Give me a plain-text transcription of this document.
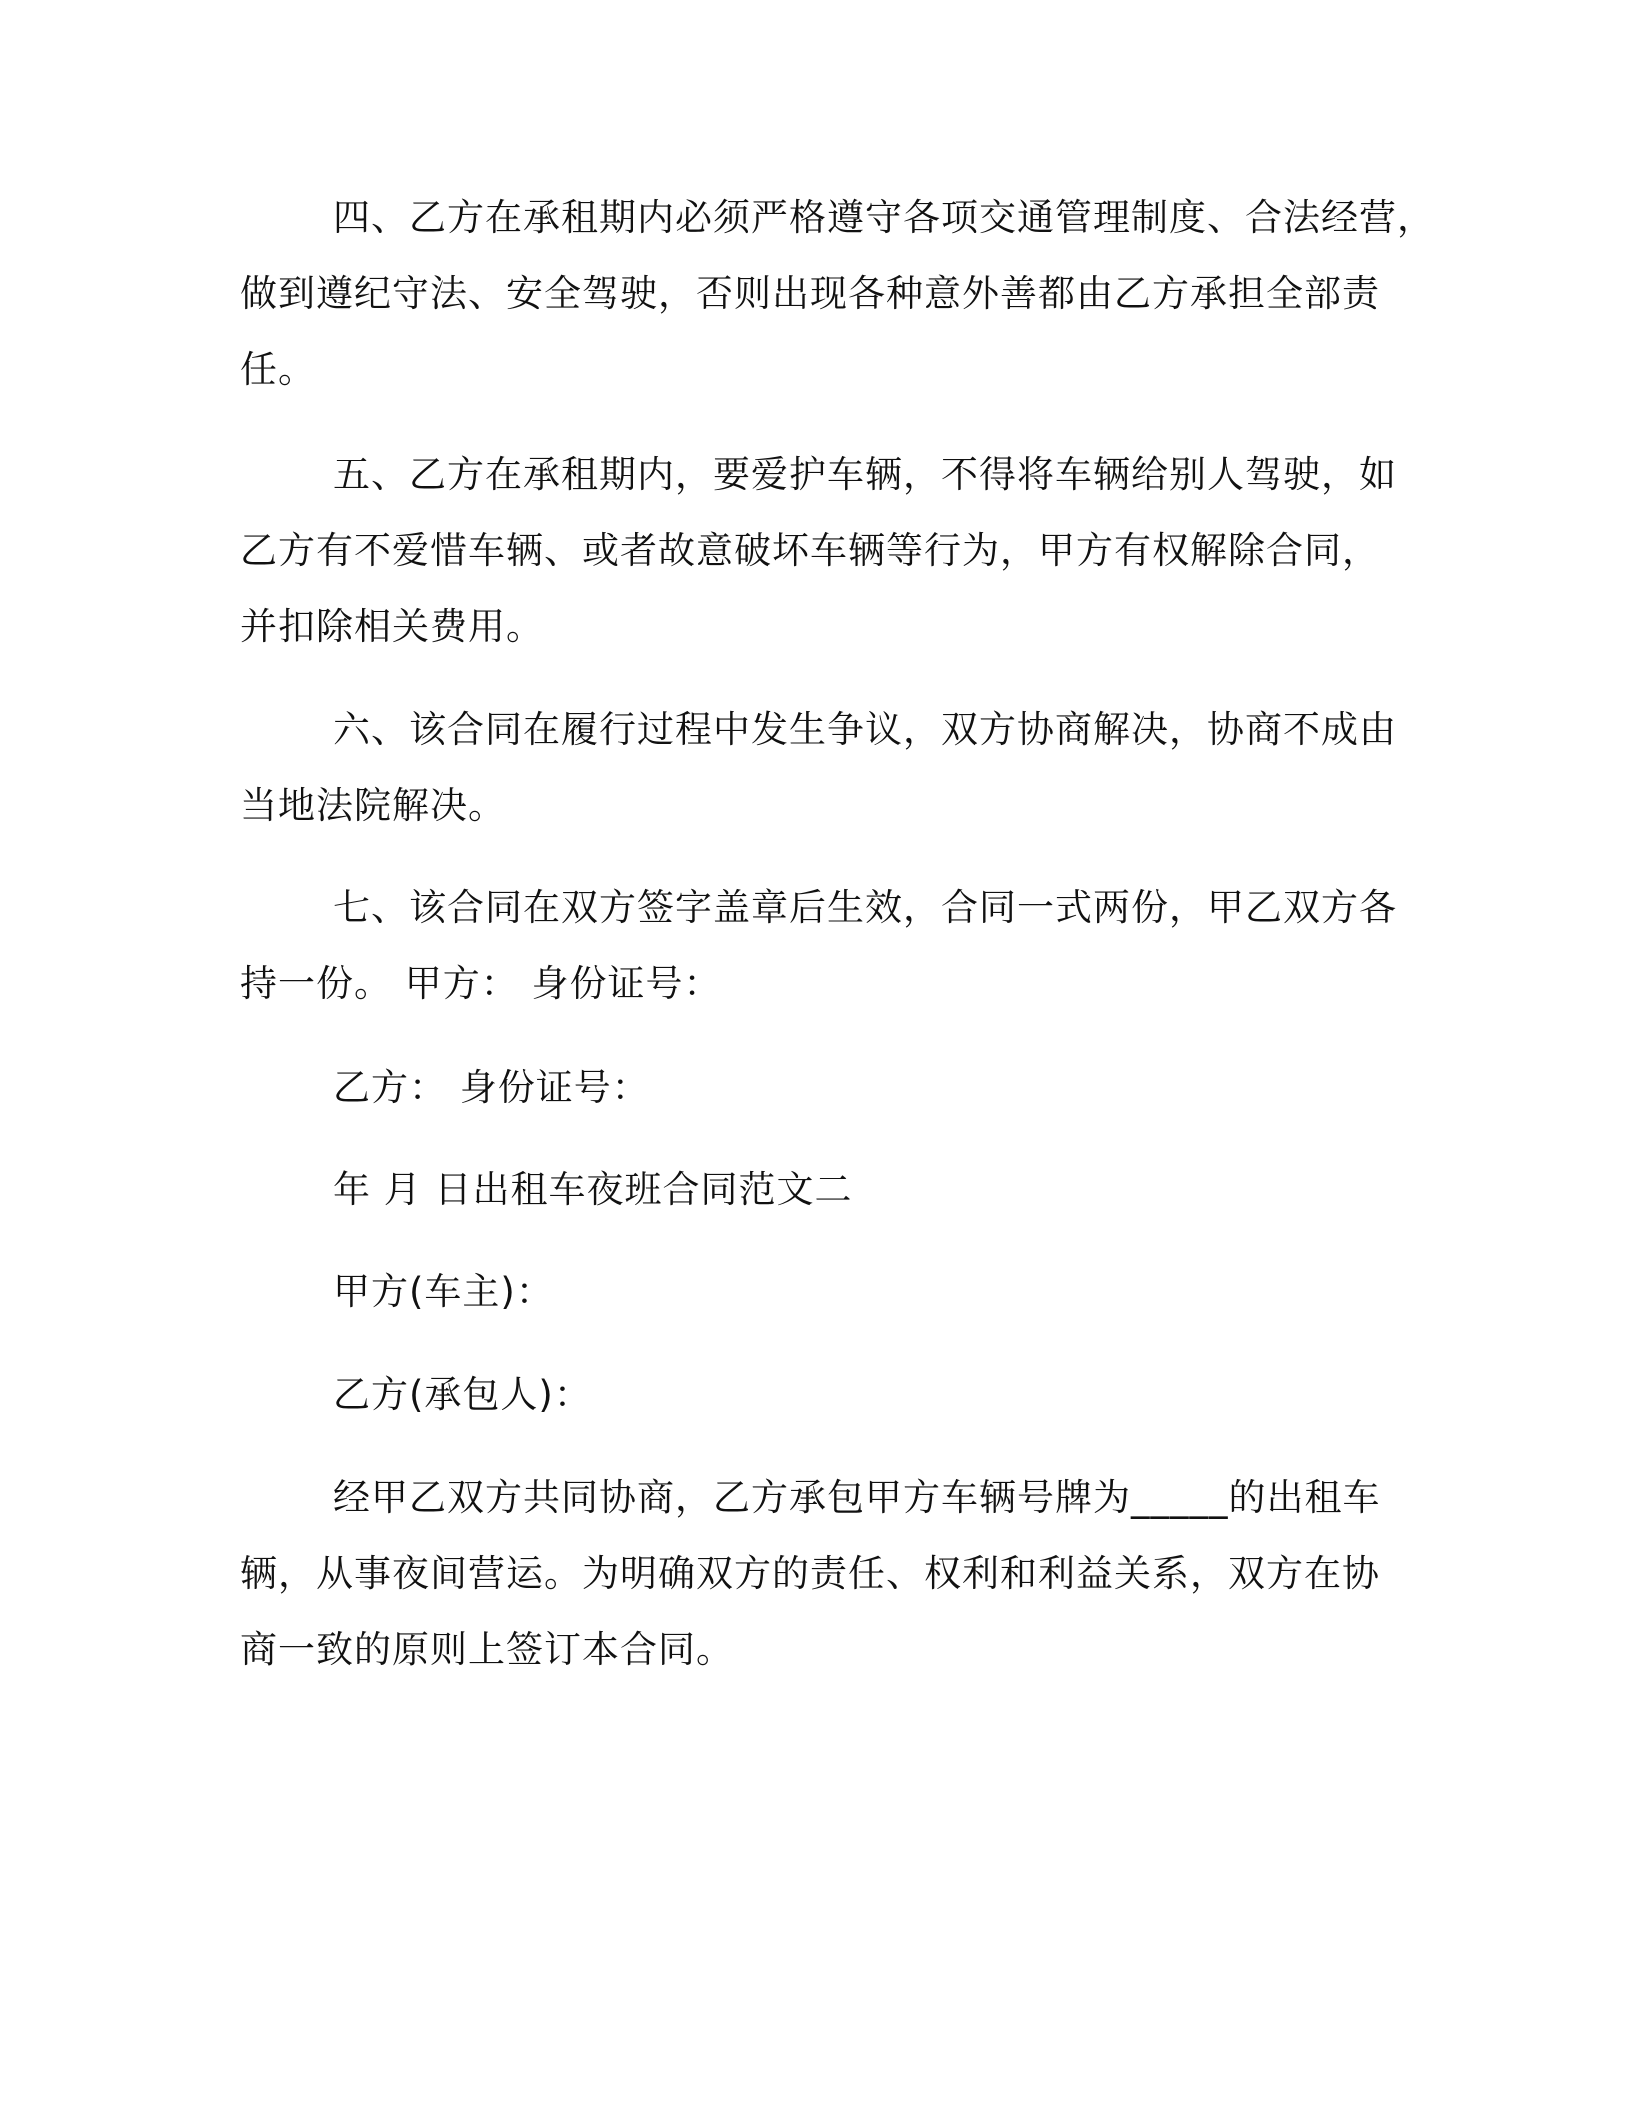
四、乙方在承租期内必须严格遵守各项交通管理制度、合法经营，
做到遵纪守法、安全驾驶，否则出现各种意外善都由乙方承担全部责
任。
五、乙方在承租期内，要爱护车辆，不得将车辆给别人驾驶，如
乙方有不爱惜车辆、或者故意破坏车辆等行为，甲方有权解除合同，
并扣除相关费用。
六、该合同在履行过程中发生争议，双方协商解决，协商不成由
当地法院解决。
七、该合同在双方签字盖章后生效，合同一式两份，甲乙双方各
持一份。 甲方： 身份证号：
乙方： 身份证号：
年 月 日出租车夜班合同范文二
甲方(车主)：
乙方(承包人)：
经甲乙双方共同协商，乙方承包甲方车辆号牌为_____的出租车
辆，从事夜间营运。为明确双方的责任、权利和利益关系，双方在协
商一致的原则上签订本合同。
